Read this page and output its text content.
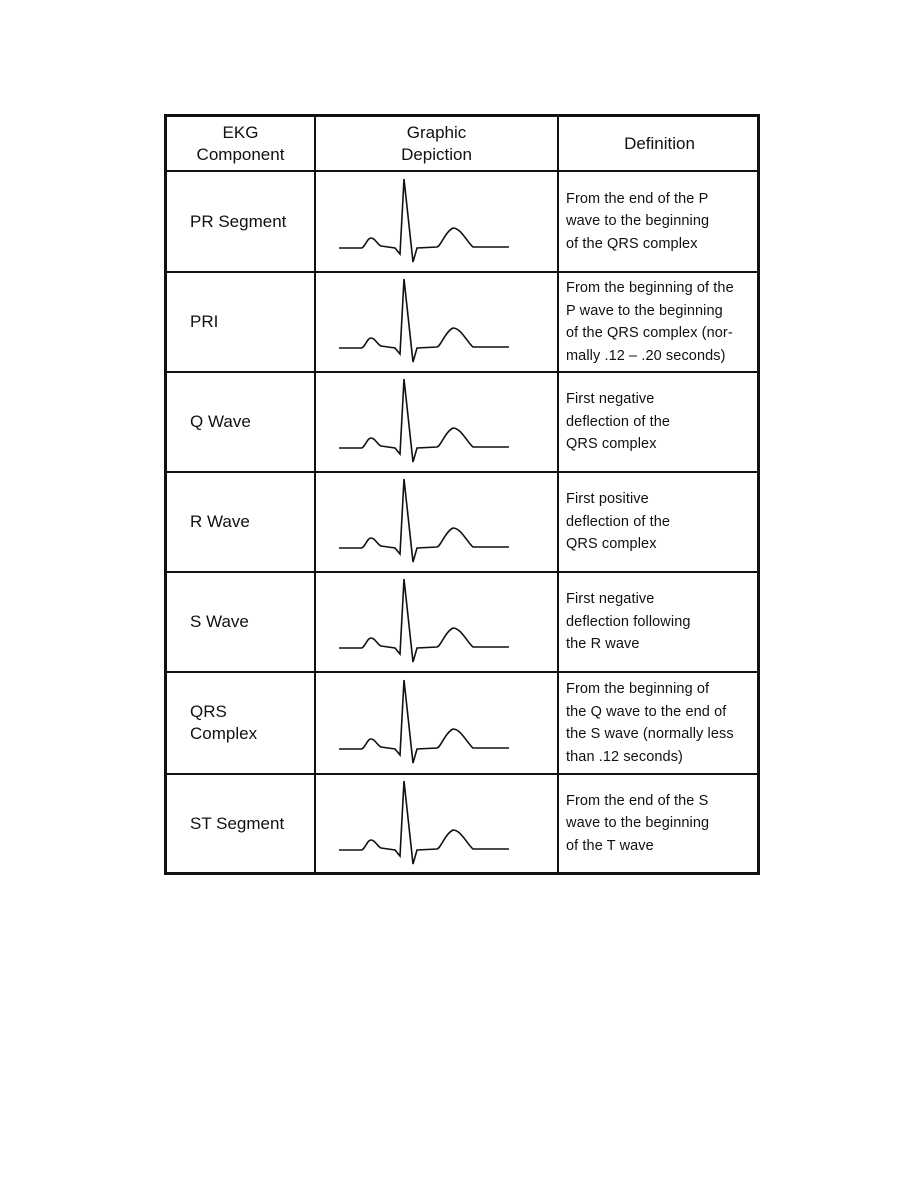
EKG
Component
Graphic
Depiction
Definition
PR Segment
From the end of the P
wave to the beginning
of the QRS complex
PRI
From the beginning of the
P wave to the beginning
of the QRS complex (nor-
mally .12 – .20 seconds)
Q Wave
First negative
deflection of the
QRS complex
R Wave
First positive
deflection of the
QRS complex
S Wave
First negative
deflection following
the R wave
QRS
Complex
From the beginning of
the Q wave to the end of
the S wave (normally less
than .12 seconds)
ST Segment
From the end of the S
wave to the beginning
of the T wave
